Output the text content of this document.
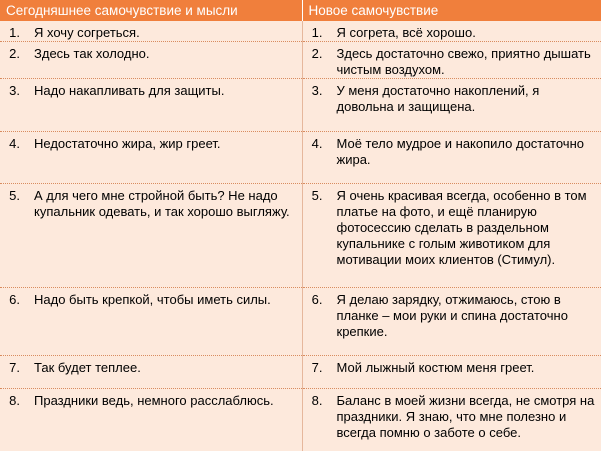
Сегодняшнее самочувствие и мысли	Новое самочувствие

1. Я хочу согреться.	1. Я согрета, всё хорошо.

2. Здесь так холодно.	2. Здесь достаточно свежо, приятно дышать чистым воздухом.

3. Надо накапливать для защиты.	3. У меня достаточно накоплений, я довольна и защищена.

4. Недостаточно жира, жир греет.	4. Моё тело мудрое и накопило достаточно жира.

5. А для чего мне стройной быть? Не надо купальник одевать, и так хорошо выгляжу.	5. Я очень красивая всегда, особенно в том платье на фото, и ещё планирую фотосессию сделать в раздельном купальнике с голым животиком для мотивации моих клиентов (Стимул).

6. Надо быть крепкой, чтобы иметь силы.	6. Я делаю зарядку, отжимаюсь, стою в планке – мои руки и спина достаточно крепкие.

7. Так будет теплее.	7. Мой лыжный костюм меня греет.

8. Праздники ведь, немного расслаблюсь.	8. Баланс в моей жизни всегда, не смотря на праздники. Я знаю, что мне полезно и всегда помню о заботе о себе.
